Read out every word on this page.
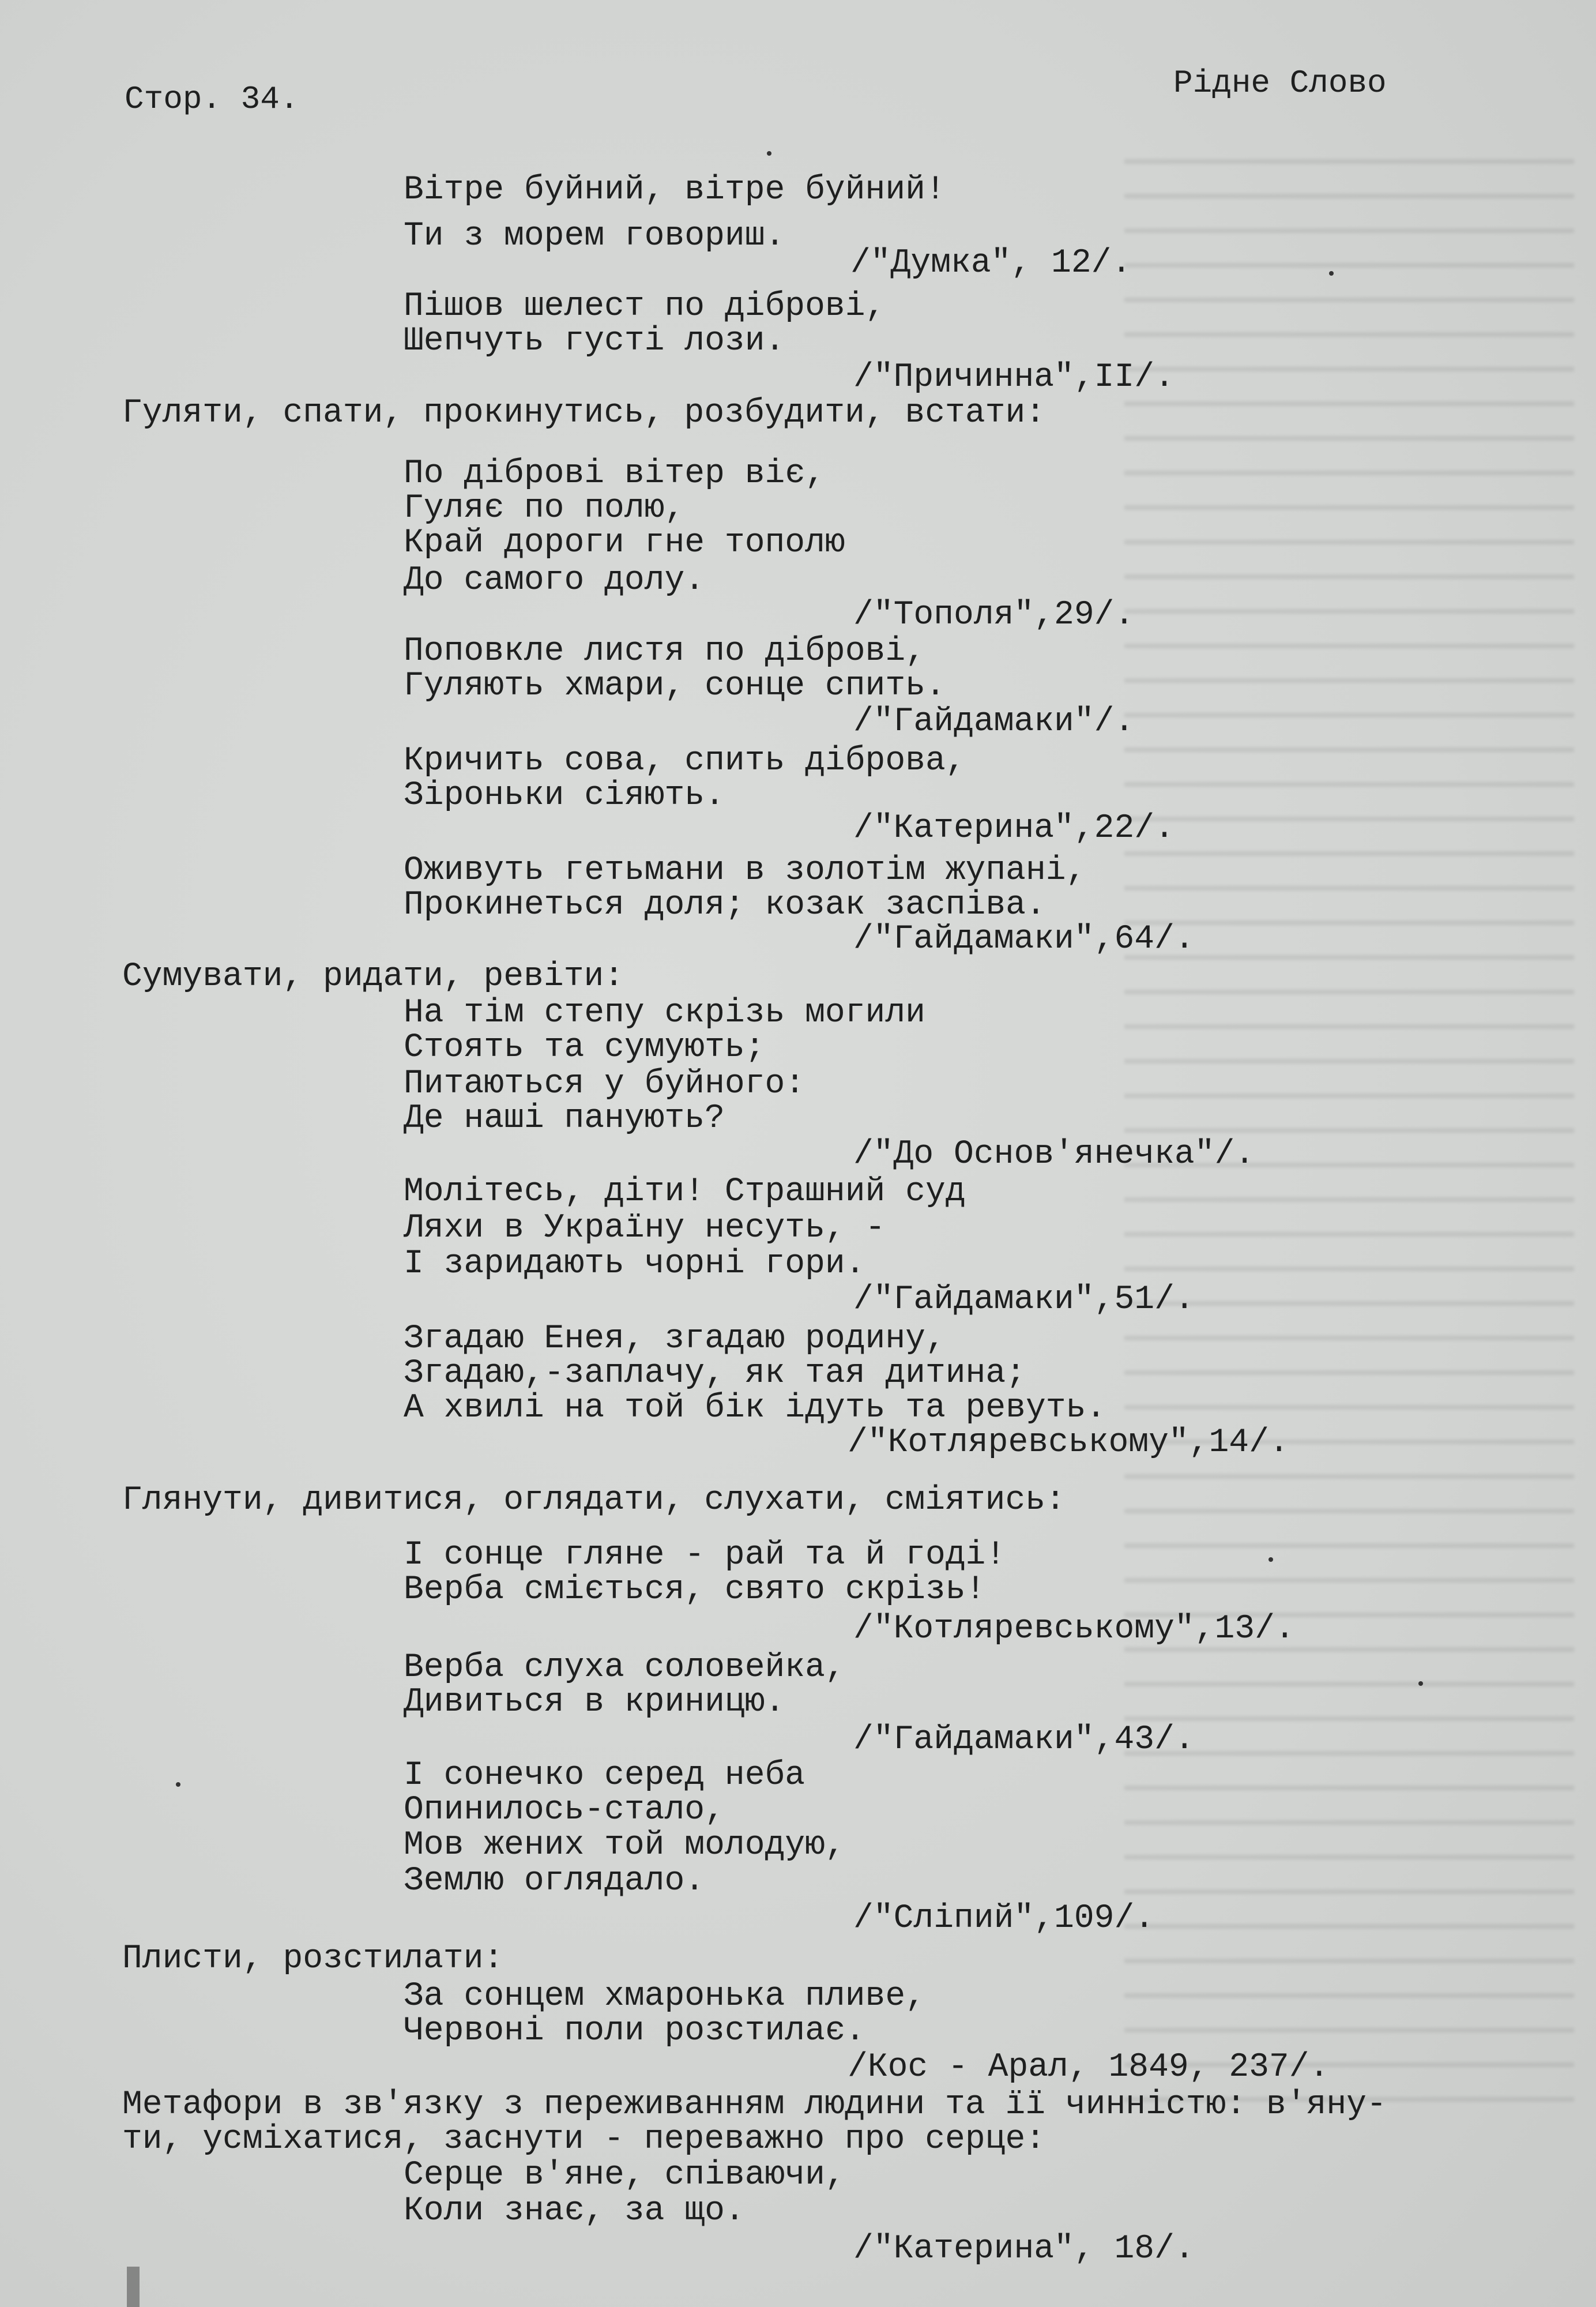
Стор. 34.	Рідне Слово
Вітре буйний, вітре буйний!
Ти з морем говориш.
/"Думка", 12/.
Пішов шелест по діброві,
Шепчуть густі лози.
/"Причинна",II/.
Гуляти, спати, прокинутись, розбудити, встати:
По діброві вітер віє,
Гуляє по полю,
Край дороги гне тополю
До самого долу.
/"Тополя",29/.
Поповкле листя по діброві,
Гуляють хмари, сонце спить.
/"Гайдамаки"/.
Кричить сова, спить діброва,
Зіроньки сіяють.
/"Катерина",22/.
Оживуть гетьмани в золотім жупані,
Прокинеться доля; козак заспіва.
/"Гайдамаки",64/.
Сумувати, ридати, ревіти:
На тім степу скрізь могили
Стоять та сумують;
Питаються у буйного:
Де наші панують?
/"До Основ'янечка"/.
Молітесь, діти! Страшний суд
Ляхи в Україну несуть, -
І заридають чорні гори.
/"Гайдамаки",51/.
Згадаю Енея, згадаю родину,
Згадаю,-заплачу, як тая дитина;
А хвилі на той бік ідуть та ревуть.
/"Котляревському",14/.
Глянути, дивитися, оглядати, слухати, сміятись:
І сонце гляне - рай та й годі!
Верба сміється, свято скрізь!
/"Котляревському",13/.
Верба слуха соловейка,
Дивиться в криницю.
/"Гайдамаки",43/.
І сонечко серед неба
Опинилось-стало,
Мов жених той молодую,
Землю оглядало.
/"Сліпий",109/.
Плисти, розстилати:
За сонцем хмаронька пливе,
Червоні поли розстилає.
/Кос - Арал, 1849, 237/.
Метафори в зв'язку з переживанням людини та її чинністю: в'яну-
ти, усміхатися, заснути - переважно про серце:
Серце в'яне, співаючи,
Коли знає, за що.
/"Катерина", 18/.
